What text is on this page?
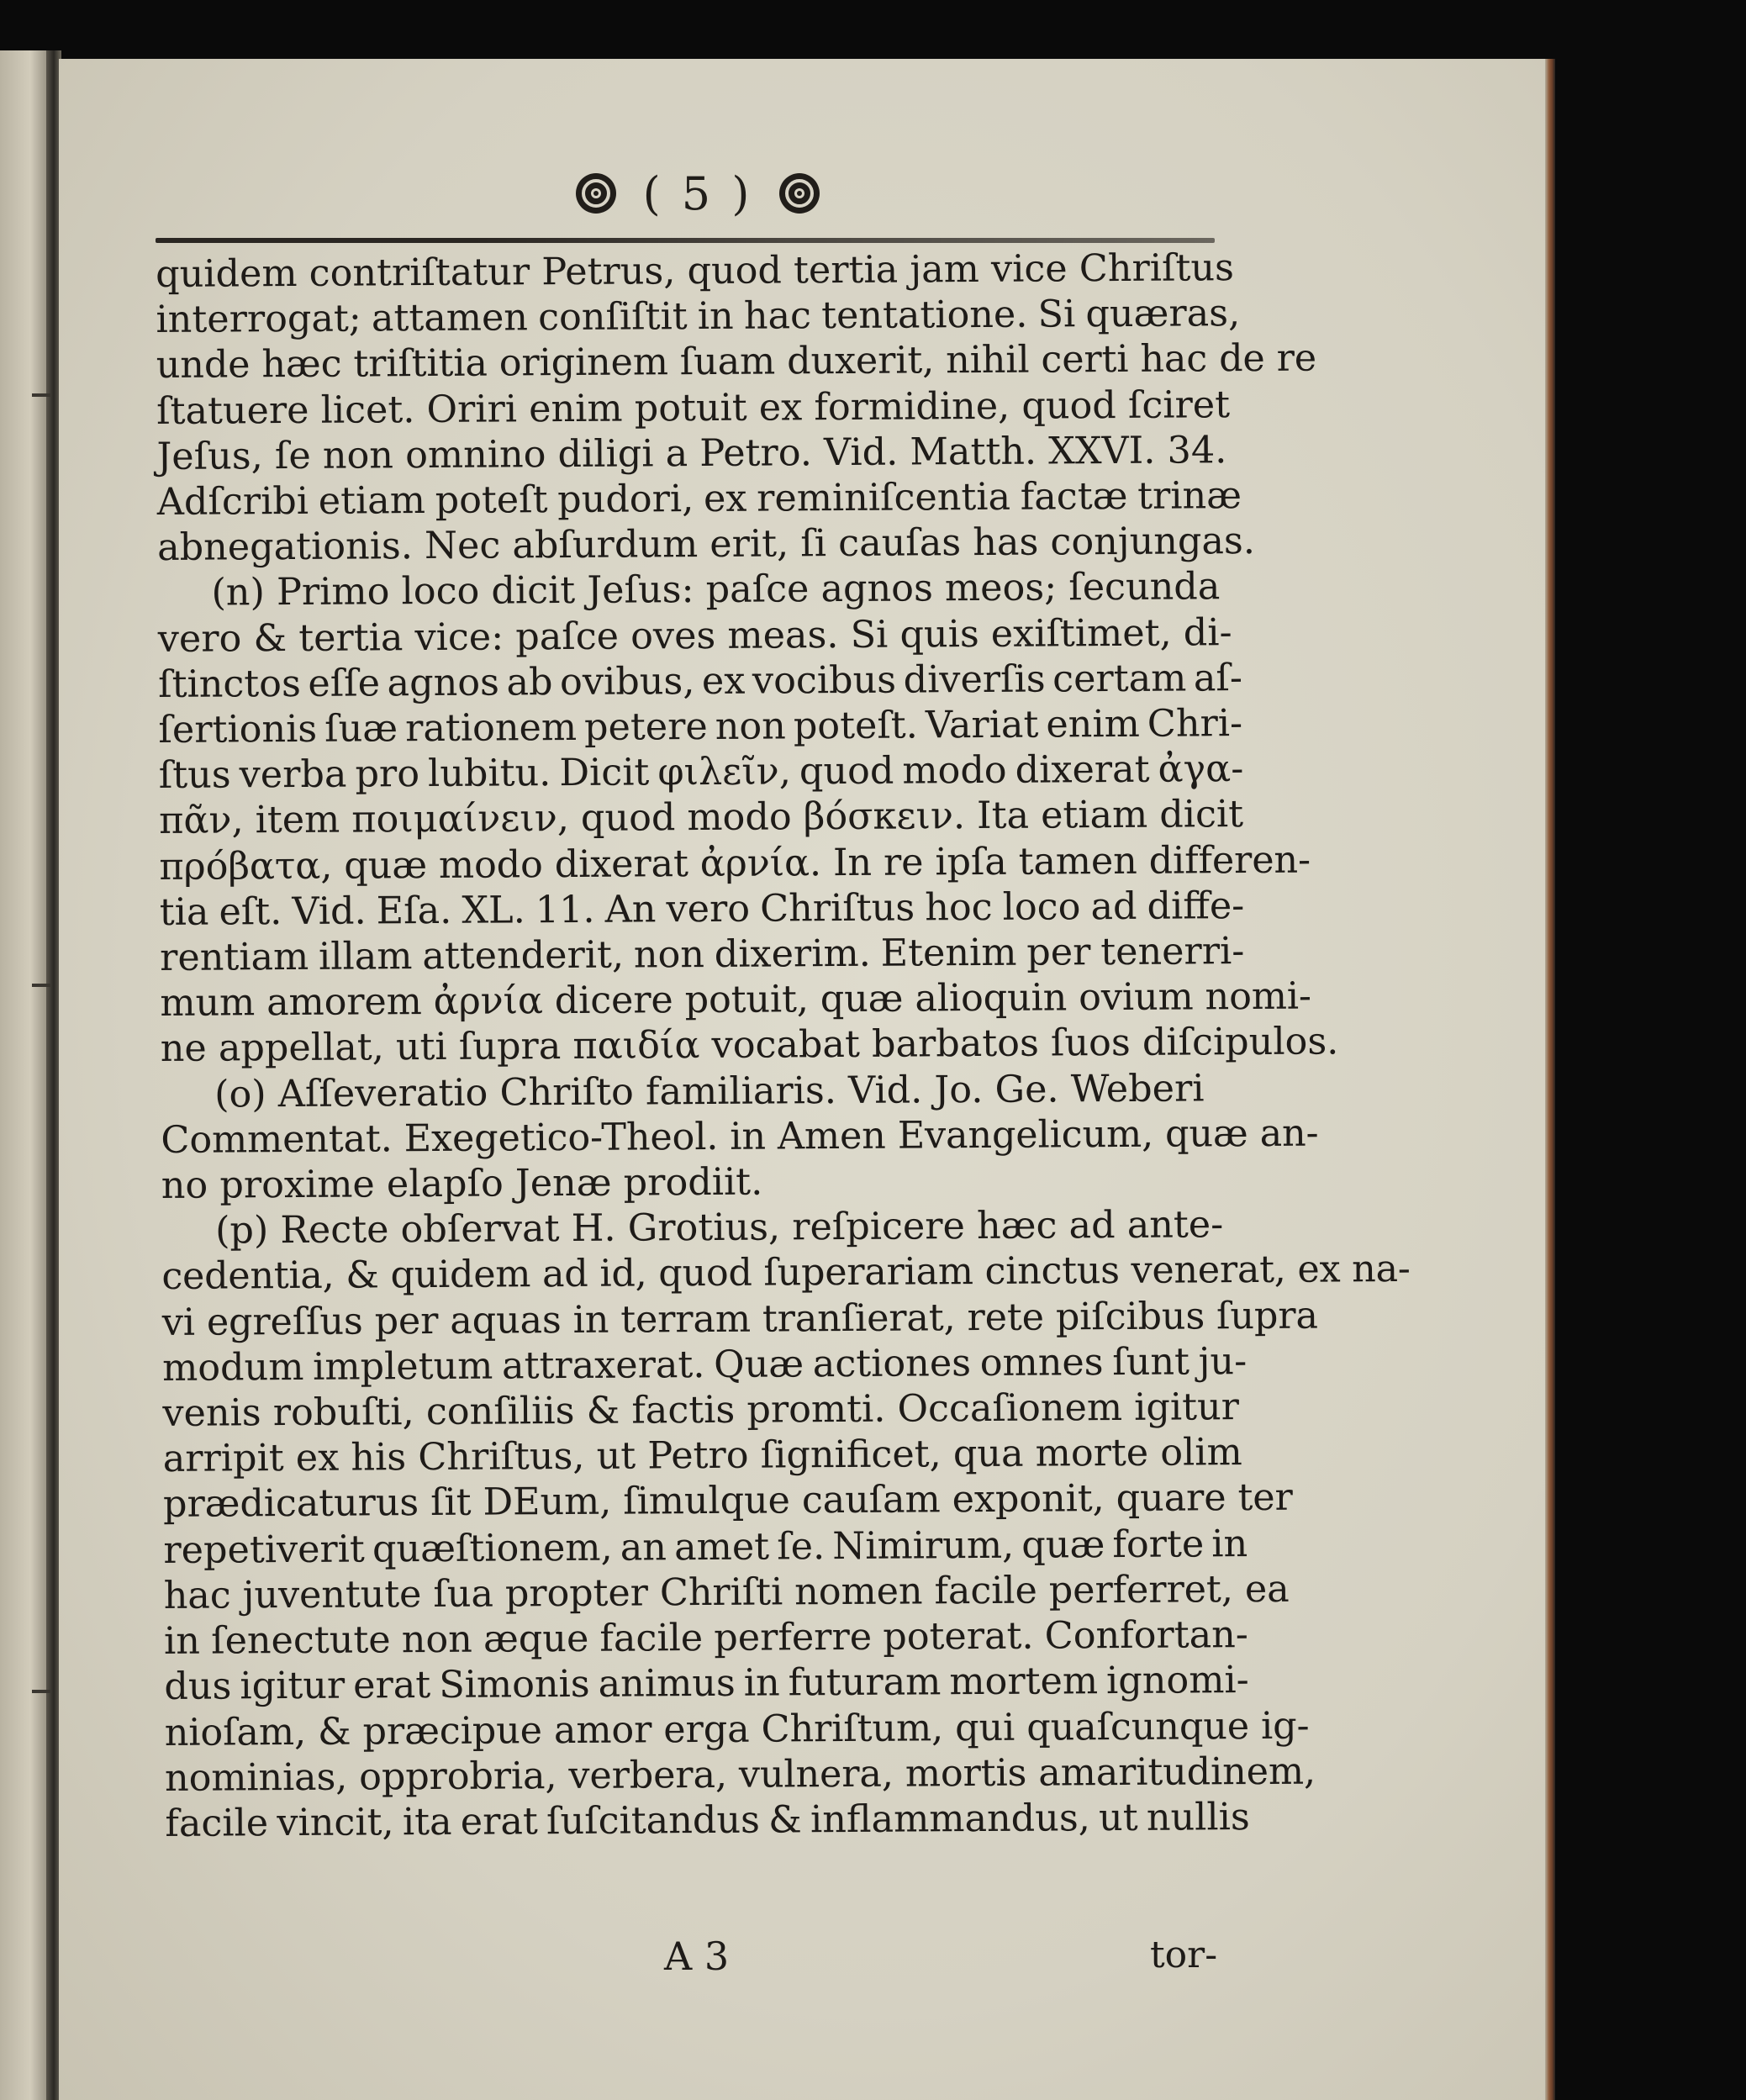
( 5 )
quidem contriſtatur Petrus, quod tertia jam vice Chriſtus
interrogat; attamen conſiſtit in hac tentatione. Si quæras,
unde hæc triſtitia originem ſuam duxerit, nihil certi hac de re
ſtatuere licet. Oriri enim potuit ex formidine, quod ſciret
Jeſus, ſe non omnino diligi a Petro. Vid. Matth. XXVI. 34.
Adſcribi etiam poteſt pudori, ex reminiſcentia factæ trinæ
abnegationis. Nec abſurdum erit, ſi cauſas has conjungas.
(n) Primo loco dicit Jeſus: paſce agnos meos; ſecunda
vero & tertia vice: paſce oves meas. Si quis exiſtimet, di-
ſtinctos eſſe agnos ab ovibus, ex vocibus diverſis certam aſ-
ſertionis ſuæ rationem petere non poteſt. Variat enim Chri-
ſtus verba pro lubitu. Dicit φιλεῖν, quod modo dixerat ἀγα-
πᾶν, item ποιμαίνειν, quod modo βόσκειν. Ita etiam dicit
πρόβατα, quæ modo dixerat ἀρνία. In re ipſa tamen differen-
tia eſt. Vid. Eſa. XL. 11. An vero Chriſtus hoc loco ad diffe-
rentiam illam attenderit, non dixerim. Etenim per tenerri-
mum amorem ἀρνία dicere potuit, quæ alioquin ovium nomi-
ne appellat, uti ſupra παιδία vocabat barbatos ſuos diſcipulos.
(o) Aſſeveratio Chriſto familiaris. Vid. Jo. Ge. Weberi
Commentat. Exegetico-Theol. in Amen Evangelicum, quæ an-
no proxime elapſo Jenæ prodiit.
(p) Recte obſervat H. Grotius, reſpicere hæc ad ante-
cedentia, & quidem ad id, quod ſuperariam cinctus venerat, ex na-
vi egreſſus per aquas in terram tranſierat, rete piſcibus ſupra
modum impletum attraxerat. Quæ actiones omnes ſunt ju-
venis robuſti, conſiliis & factis promti. Occaſionem igitur
arripit ex his Chriſtus, ut Petro ſignificet, qua morte olim
prædicaturus ſit DEum, ſimulque cauſam exponit, quare ter
repetiverit quæſtionem, an amet ſe. Nimirum, quæ forte in
hac juventute ſua propter Chriſti nomen facile perferret, ea
in ſenectute non æque facile perferre poterat. Confortan-
dus igitur erat Simonis animus in futuram mortem ignomi-
nioſam, & præcipue amor erga Chriſtum, qui quaſcunque ig-
nominias, opprobria, verbera, vulnera, mortis amaritudinem,
facile vincit, ita erat ſuſcitandus & inflammandus, ut nullis
A 3	tor-
